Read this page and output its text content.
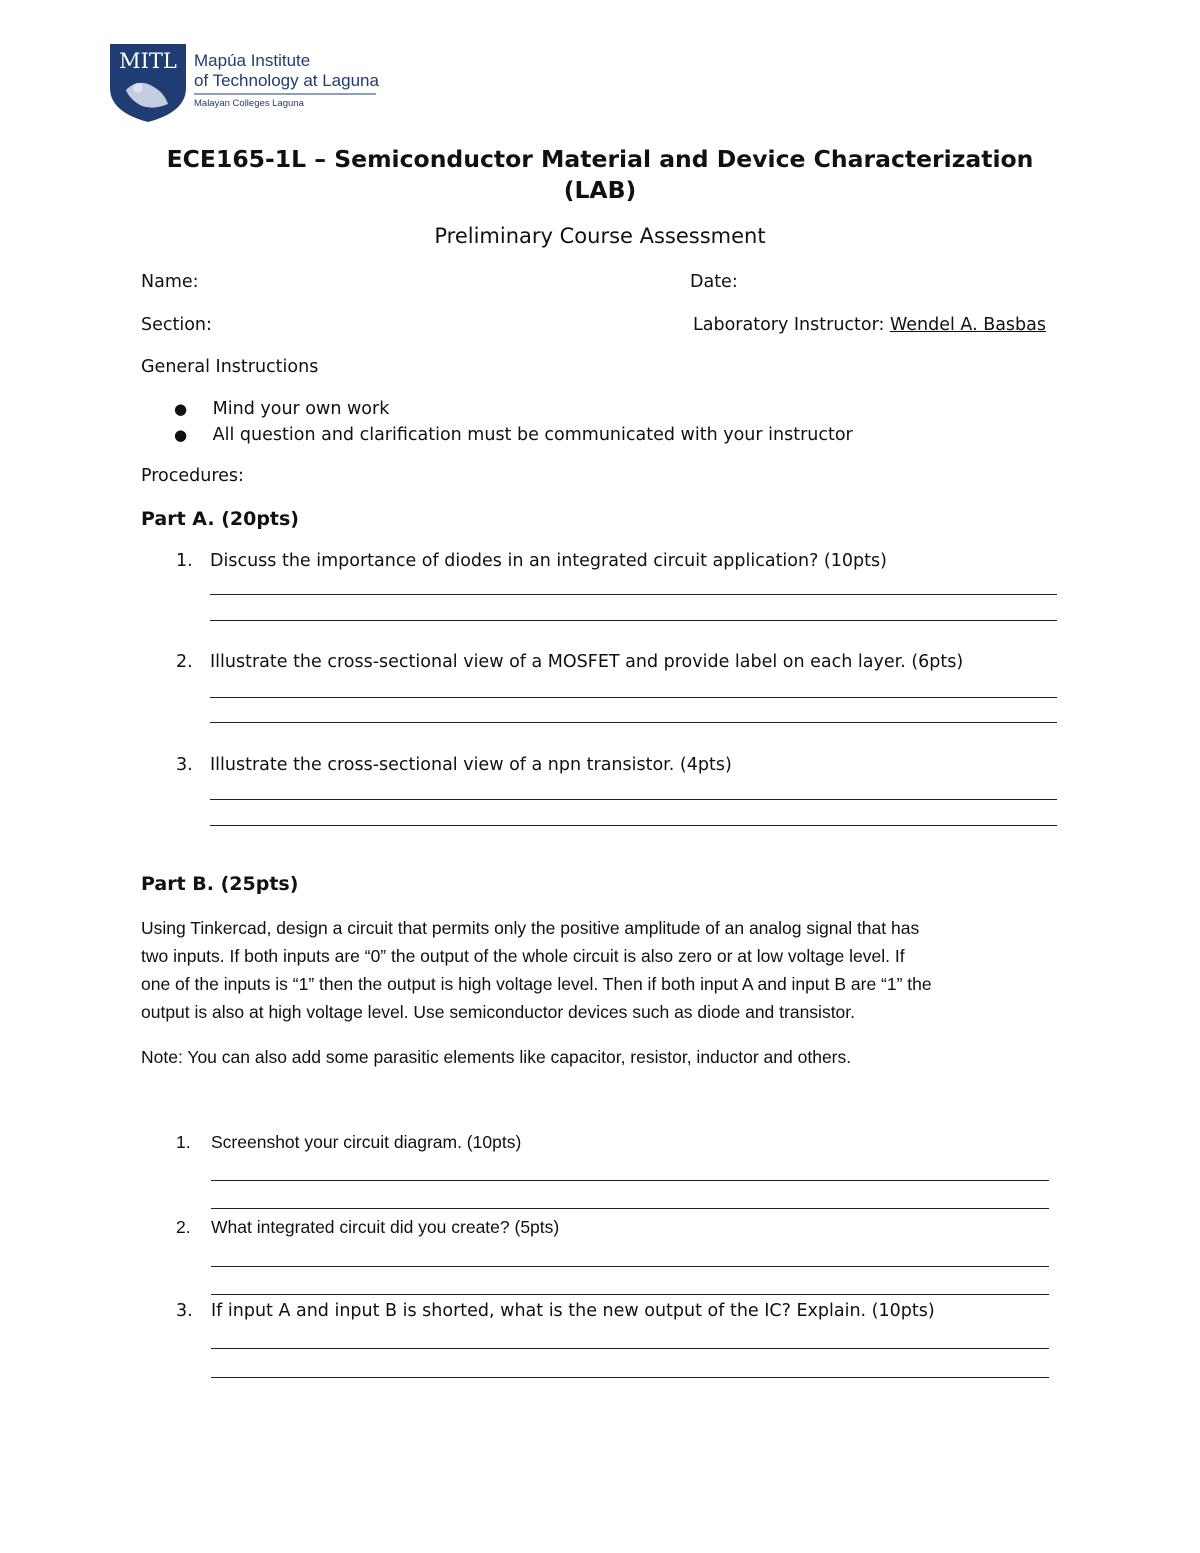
MITL Mapúa Institute
of Technology at Laguna
Malayan Colleges Laguna
ECE165-1L – Semiconductor Material and Device Characterization
(LAB)
Preliminary Course Assessment
Name:	Date:
Section:	Laboratory Instructor: Wendel A. Basbas
General Instructions
● Mind your own work
● All question and clarification must be communicated with your instructor
Procedures:
Part A. (20pts)
1. Discuss the importance of diodes in an integrated circuit application? (10pts)
2. Illustrate the cross-sectional view of a MOSFET and provide label on each layer. (6pts)
3. Illustrate the cross-sectional view of a npn transistor. (4pts)
Part B. (25pts)
Using Tinkercad, design a circuit that permits only the positive amplitude of an analog signal that has
two inputs. If both inputs are “0” the output of the whole circuit is also zero or at low voltage level. If
one of the inputs is “1” then the output is high voltage level. Then if both input A and input B are “1” the
output is also at high voltage level. Use semiconductor devices such as diode and transistor.
Note: You can also add some parasitic elements like capacitor, resistor, inductor and others.
1. Screenshot your circuit diagram. (10pts)
2. What integrated circuit did you create? (5pts)
3. If input A and input B is shorted, what is the new output of the IC? Explain. (10pts)
